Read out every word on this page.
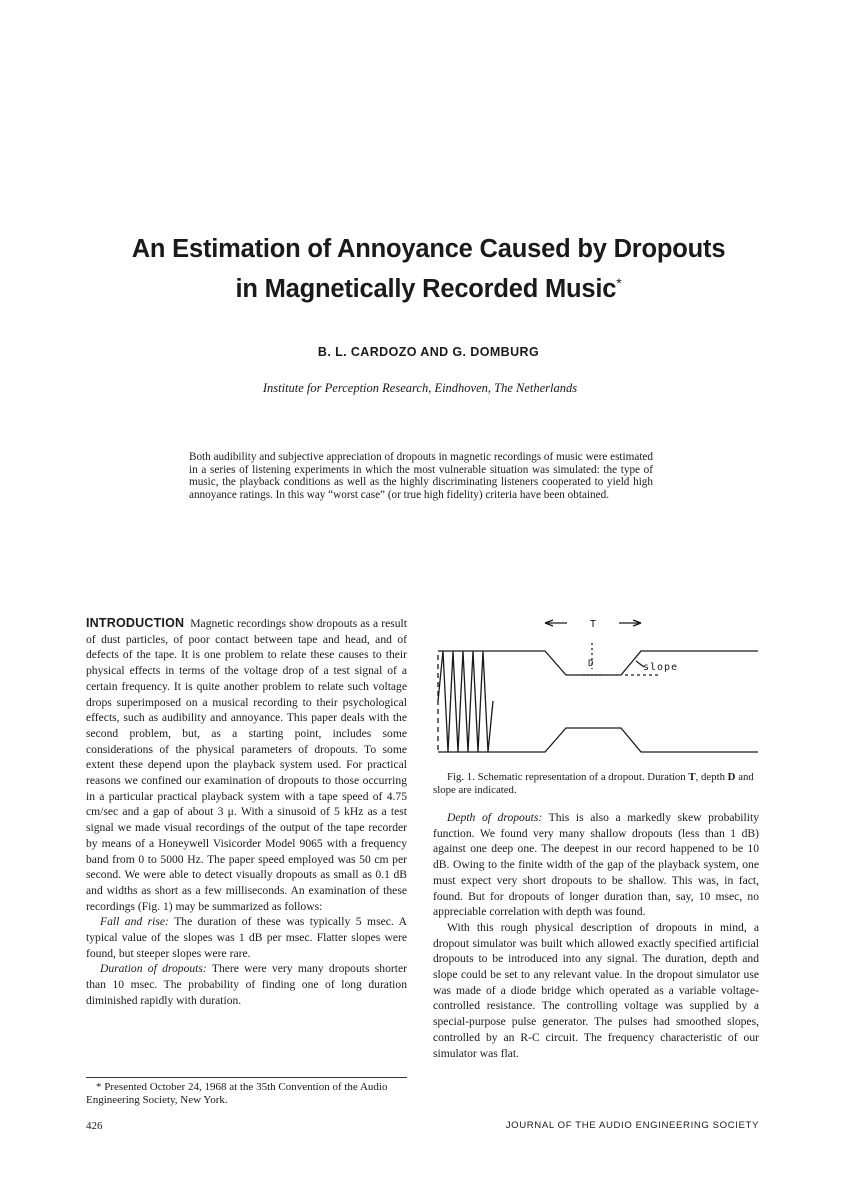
An Estimation of Annoyance Caused by Dropouts

in Magnetically Recorded Music*

B. L. CARDOZO AND G. DOMBURG
Institute for Perception Research, Eindhoven, The Netherlands

Both audibility and subjective appreciation of dropouts in magnetic recordings of music were estimated in a series of listening experiments in which the most vulnerable situation was simulated: the type of music, the playback conditions as well as the highly discriminating listeners cooperated to yield high annoyance ratings. In this way “worst case” (or true high fidelity) criteria have been obtained.

INTRODUCTION Magnetic recordings show dropouts as a result of dust particles, of poor contact between tape and head, and of defects of the tape. It is one problem to relate these causes to their physical effects in terms of the voltage drop of a test signal of a certain frequency. It is quite another problem to relate such voltage drops superimposed on a musical recording to their psychological effects, such as audibility and annoyance. This paper deals with the second problem, but, as a starting point, includes some considerations of the physical parameters of dropouts. To some extent these depend upon the playback system used. For practical reasons we confined our examination of dropouts to those occurring in a particular practical playback system with a tape speed of 4.75 cm/sec and a gap of about 3 μ. With a sinusoid of 5 kHz as a test signal we made visual recordings of the output of the tape recorder by means of a Honeywell Visicorder Model 9065 with a frequency band from 0 to 5000 Hz. The paper speed employed was 50 cm per second. We were able to detect visually dropouts as small as 0.1 dB and widths as short as a few milliseconds. An examination of these recordings (Fig. 1) may be summarized as follows:

Fall and rise: The duration of these was typically 5 msec. A typical value of the slopes was 1 dB per msec. Flatter slopes were found, but steeper slopes were rare.

Duration of dropouts: There were very many dropouts shorter than 10 msec. The probability of finding one of long duration diminished rapidly with duration.

* Presented October 24, 1968 at the 35th Convention of the Audio Engineering Society, New York.

T
D	slope

Fig. 1. Schematic representation of a dropout. Duration T, depth D and slope are indicated.

Depth of dropouts: This is also a markedly skew probability function. We found very many shallow dropouts (less than 1 dB) against one deep one. The deepest in our record happened to be 10 dB. Owing to the finite width of the gap of the playback system, one must expect very short dropouts to be shallow. This was, in fact, found. But for dropouts of longer duration than, say, 10 msec, no appreciable correlation with depth was found.

With this rough physical description of dropouts in mind, a dropout simulator was built which allowed exactly specified artificial dropouts to be introduced into any signal. The duration, depth and slope could be set to any relevant value. In the dropout simulator use was made of a diode bridge which operated as a variable voltage-controlled resistance. The controlling voltage was supplied by a special-purpose pulse generator. The pulses had smoothed slopes, controlled by an R-C circuit. The frequency characteristic of our simulator was flat.

426	JOURNAL OF THE AUDIO ENGINEERING SOCIETY
